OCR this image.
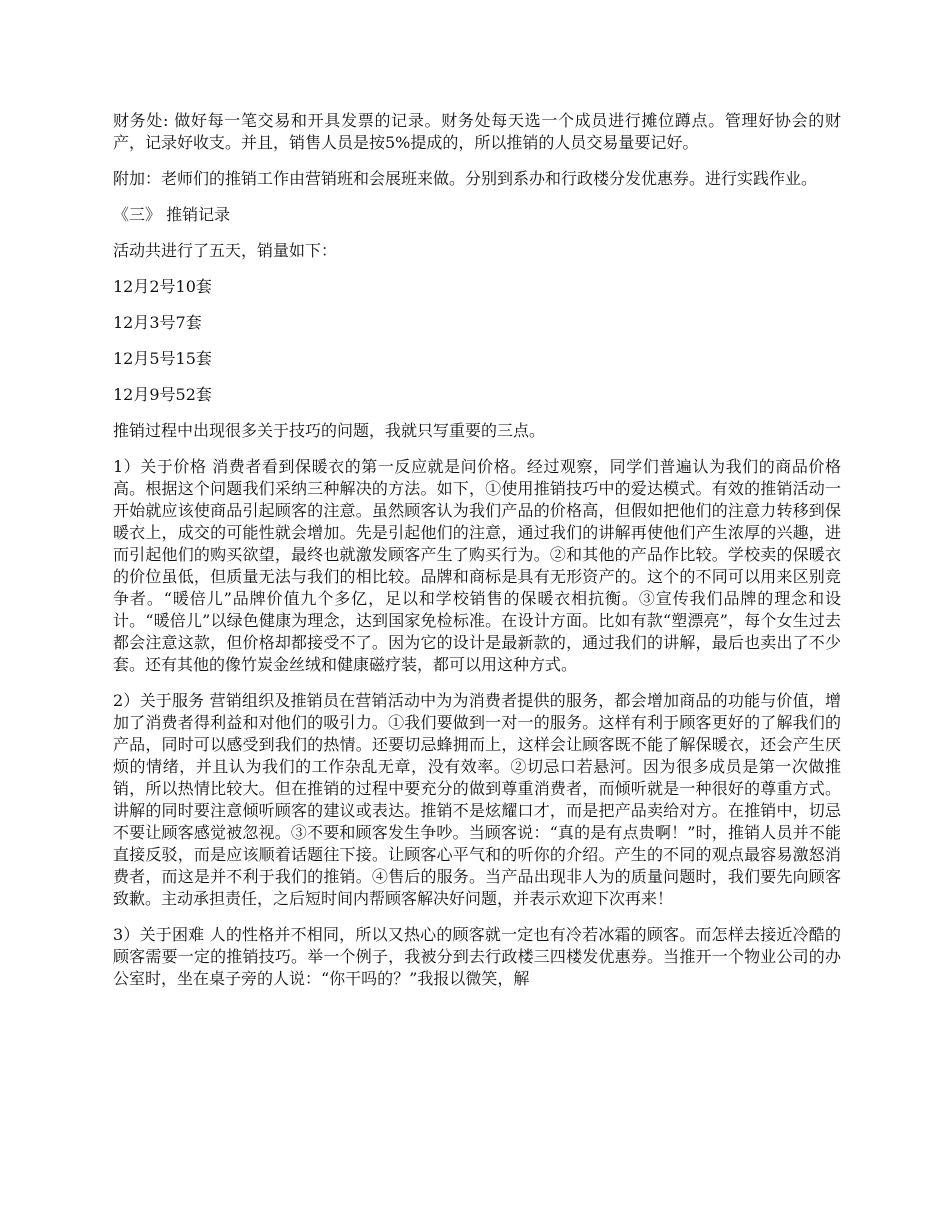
财务处: 做好每一笔交易和开具发票的记录。财务处每天选一个成员进行摊位蹲点。管理好协会的财产，记录好收支。并且，销售人员是按5%提成的，所以推销的人员交易量要记好。

附加：老师们的推销工作由营销班和会展班来做。分别到系办和行政楼分发优惠券。进行实践作业。

《三》 推销记录

活动共进行了五天，销量如下：

12月2号10套

12月3号7套

12月5号15套

12月9号52套

推销过程中出现很多关于技巧的问题，我就只写重要的三点。

1）关于价格 消费者看到保暖衣的第一反应就是问价格。经过观察，同学们普遍认为我们的商品价格高。根据这个问题我们采纳三种解决的方法。如下，①使用推销技巧中的爱达模式。有效的推销活动一开始就应该使商品引起顾客的注意。虽然顾客认为我们产品的价格高，但假如把他们的注意力转移到保暖衣上，成交的可能性就会增加。先是引起他们的注意，通过我们的讲解再使他们产生浓厚的兴趣，进而引起他们的购买欲望，最终也就激发顾客产生了购买行为。②和其他的产品作比较。学校卖的保暖衣的价位虽低，但质量无法与我们的相比较。品牌和商标是具有无形资产的。这个的不同可以用来区别竞争者。“暖倍儿”品牌价值九个多亿，足以和学校销售的保暖衣相抗衡。③宣传我们品牌的理念和设计。“暖倍儿”以绿色健康为理念，达到国家免检标准。在设计方面。比如有款“塑漂亮”，每个女生过去都会注意这款，但价格却都接受不了。因为它的设计是最新款的，通过我们的讲解，最后也卖出了不少套。还有其他的像竹炭金丝绒和健康磁疗装，都可以用这种方式。

2）关于服务 营销组织及推销员在营销活动中为为消费者提供的服务，都会增加商品的功能与价值，增加了消费者得利益和对他们的吸引力。①我们要做到一对一的服务。这样有利于顾客更好的了解我们的产品，同时可以感受到我们的热情。还要切忌蜂拥而上，这样会让顾客既不能了解保暖衣，还会产生厌烦的情绪，并且认为我们的工作杂乱无章，没有效率。②切忌口若悬河。因为很多成员是第一次做推销，所以热情比较大。但在推销的过程中要充分的做到尊重消费者，而倾听就是一种很好的尊重方式。讲解的同时要注意倾听顾客的建议或表达。推销不是炫耀口才，而是把产品卖给对方。在推销中，切忌不要让顾客感觉被忽视。③不要和顾客发生争吵。当顾客说：“真的是有点贵啊！”时，推销人员并不能直接反驳，而是应该顺着话题往下接。让顾客心平气和的听你的介绍。产生的不同的观点最容易激怒消费者，而这是并不利于我们的推销。④售后的服务。当产品出现非人为的质量问题时，我们要先向顾客致歉。主动承担责任，之后短时间内帮顾客解决好问题，并表示欢迎下次再来！

3）关于困难 人的性格并不相同，所以又热心的顾客就一定也有冷若冰霜的顾客。而怎样去接近冷酷的顾客需要一定的推销技巧。举一个例子，我被分到去行政楼三四楼发优惠券。当推开一个物业公司的办公室时，坐在桌子旁的人说：“你干吗的？”我报以微笑，解
